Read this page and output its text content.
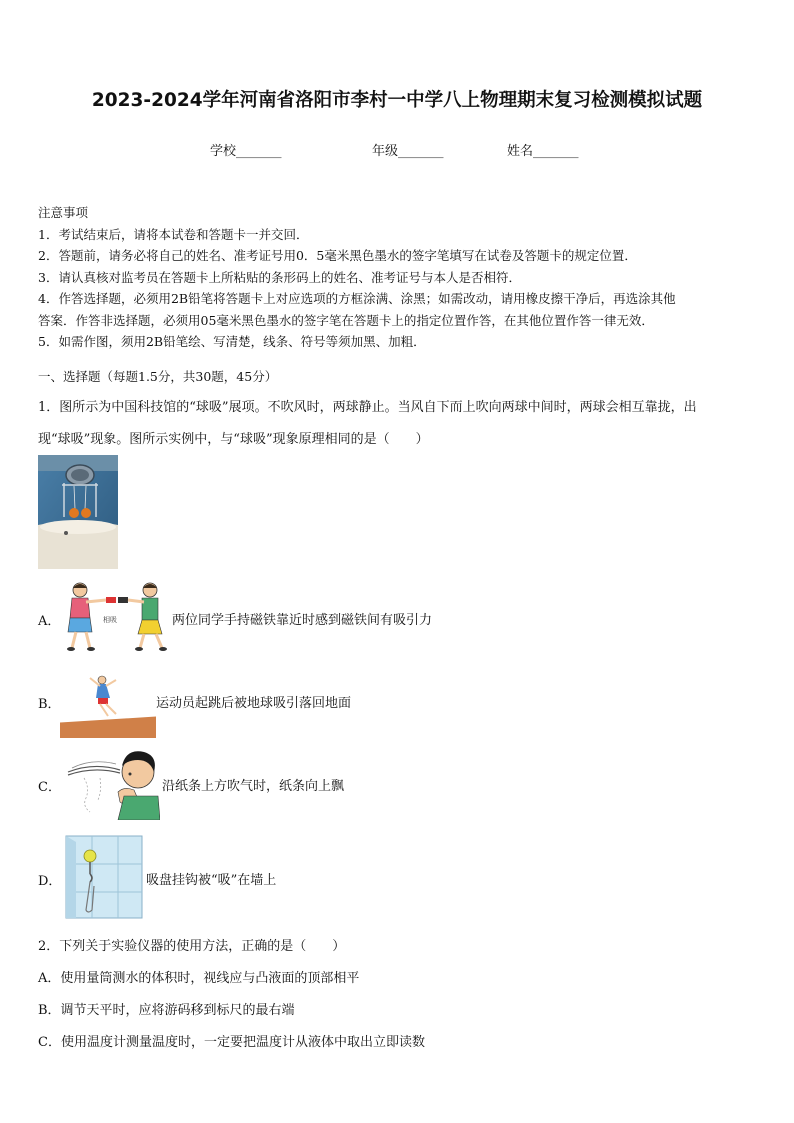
2023-2024学年河南省洛阳市李村一中学八上物理期末复习检测模拟试题
学校_______	年级_______	姓名_______
注意事项
1．考试结束后，请将本试卷和答题卡一并交回．
2．答题前，请务必将自己的姓名、准考证号用0．5毫米黑色墨水的签字笔填写在试卷及答题卡的规定位置．
3．请认真核对监考员在答题卡上所粘贴的条形码上的姓名、准考证号与本人是否相符．
4．作答选择题，必须用2B铅笔将答题卡上对应选项的方框涂满、涂黑；如需改动，请用橡皮擦干净后，再选涂其他
答案．作答非选择题，必须用05毫米黑色墨水的签字笔在答题卡上的指定位置作答，在其他位置作答一律无效．
5．如需作图，须用2B铅笔绘、写清楚，线条、符号等须加黑、加粗．
一、选择题（每题1.5分，共30题，45分）
1．图所示为中国科技馆的“球吸”展项。不吹风时，两球静止。当风自下而上吹向两球中间时，两球会相互靠拢，出
现“球吸”现象。图所示实例中，与“球吸”现象原理相同的是（　　）
A．	相吸	两位同学手持磁铁靠近时感到磁铁间有吸引力
B．	运动员起跳后被地球吸引落回地面
C．	沿纸条上方吹气时，纸条向上飘
D．	吸盘挂钩被“吸”在墙上
2．下列关于实验仪器的使用方法，正确的是（　　）
A．使用量筒测水的体积时，视线应与凸液面的顶部相平
B．调节天平时，应将游码移到标尺的最右端
C．使用温度计测量温度时，一定要把温度计从液体中取出立即读数
